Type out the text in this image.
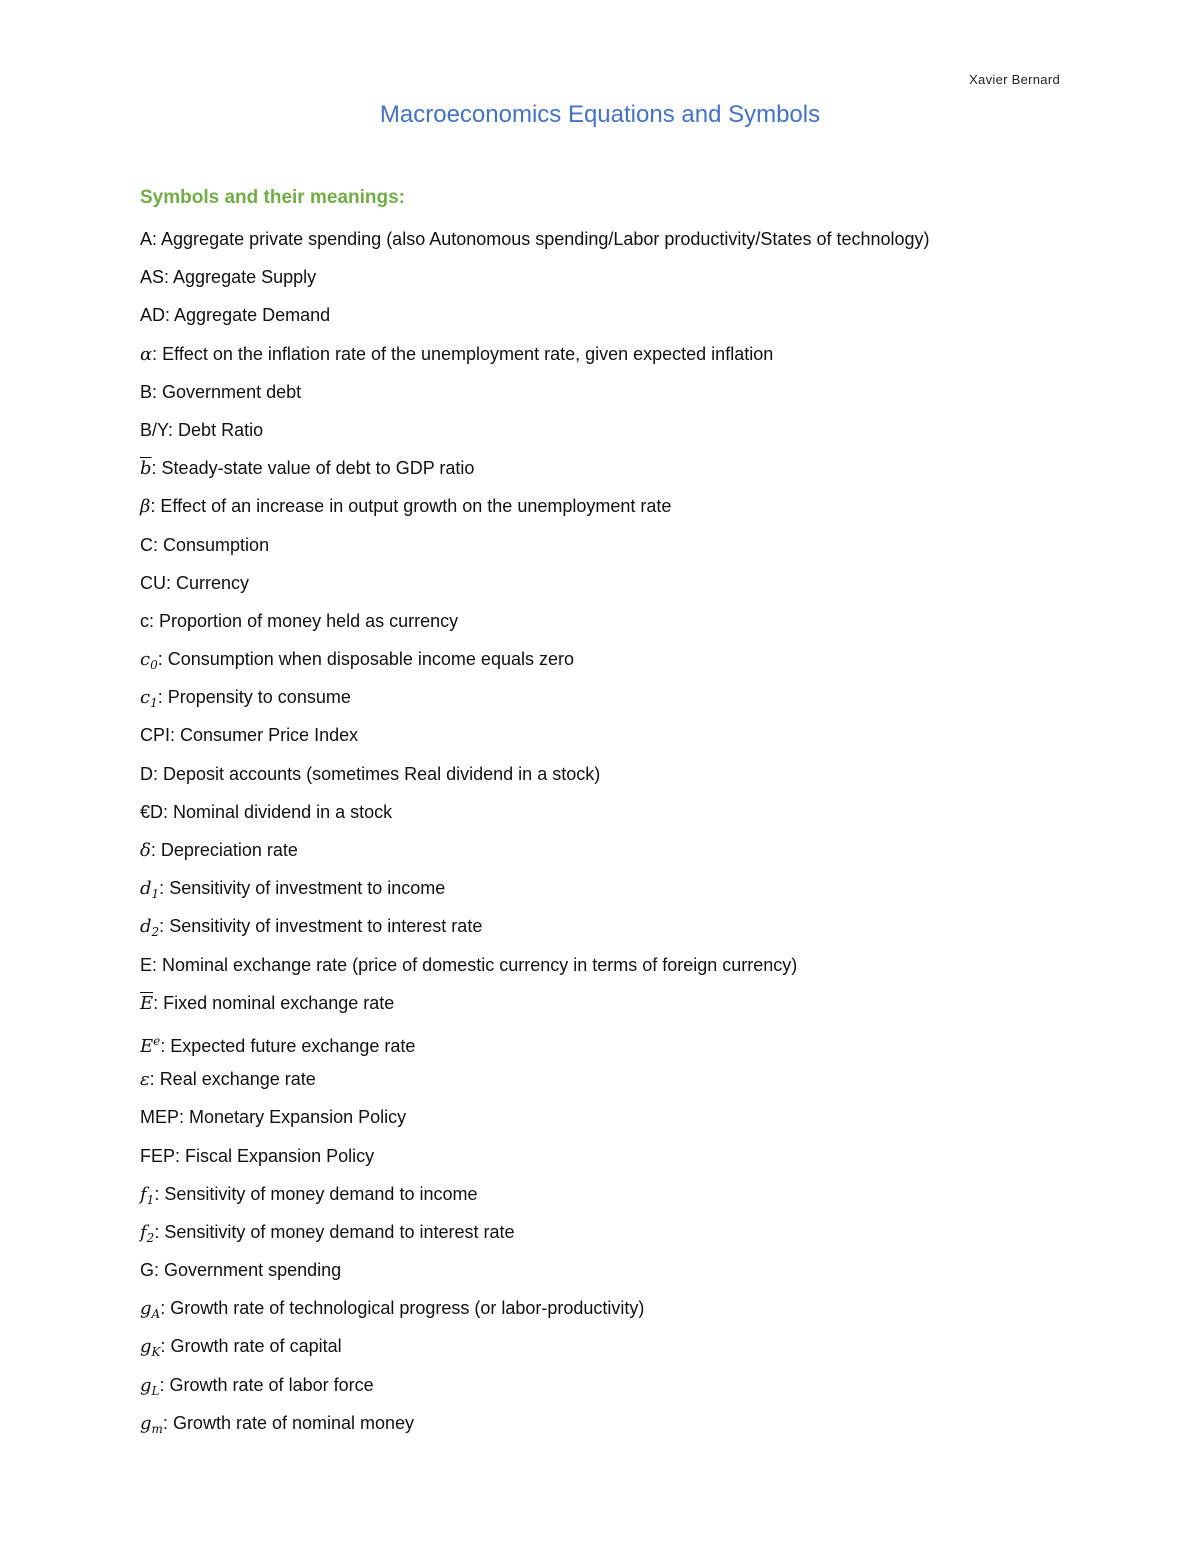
Xavier Bernard
Macroeconomics Equations and Symbols
Symbols and their meanings:
A: Aggregate private spending (also Autonomous spending/Labor productivity/States of technology)
AS: Aggregate Supply
AD: Aggregate Demand
α: Effect on the inflation rate of the unemployment rate, given expected inflation
B: Government debt
B/Y: Debt Ratio
$\overline{b}$: Steady-state value of debt to GDP ratio
β: Effect of an increase in output growth on the unemployment rate
C: Consumption
CU: Currency
c: Proportion of money held as currency
$c_0$: Consumption when disposable income equals zero
$c_1$: Propensity to consume
CPI: Consumer Price Index
D: Deposit accounts (sometimes Real dividend in a stock)
€D: Nominal dividend in a stock
δ: Depreciation rate
$d_1$: Sensitivity of investment to income
$d_2$: Sensitivity of investment to interest rate
E: Nominal exchange rate (price of domestic currency in terms of foreign currency)
$\overline{E}$: Fixed nominal exchange rate
$E^e$: Expected future exchange rate
ε: Real exchange rate
MEP: Monetary Expansion Policy
FEP: Fiscal Expansion Policy
$f_1$: Sensitivity of money demand to income
$f_2$: Sensitivity of money demand to interest rate
G: Government spending
$g_A$: Growth rate of technological progress (or labor-productivity)
$g_K$: Growth rate of capital
$g_L$: Growth rate of labor force
$g_m$: Growth rate of nominal money
